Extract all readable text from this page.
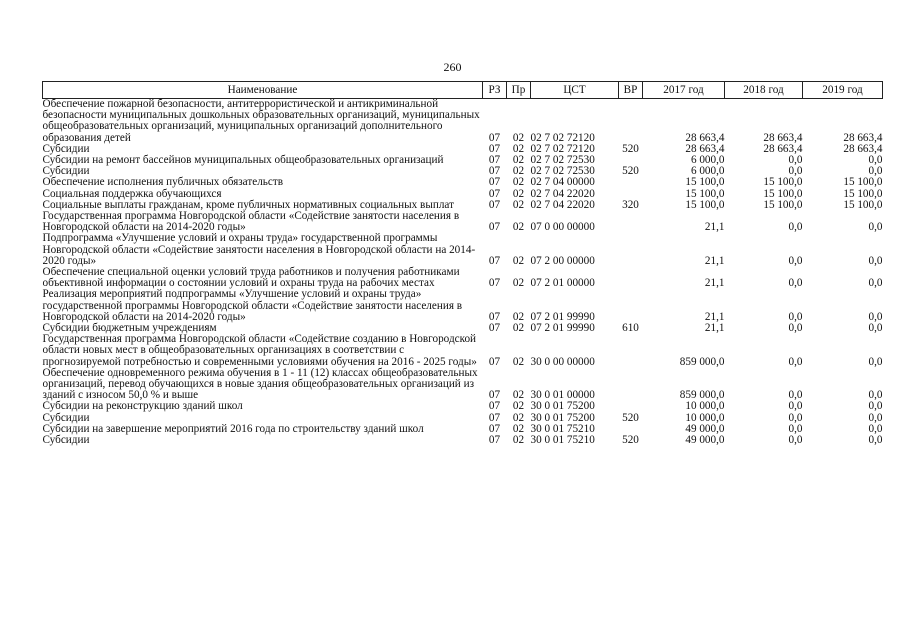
260
Наименование	РЗ	Пр	ЦСТ	ВР	2017 год	2018 год	2019 год
Обеспечение пожарной безопасности, антитеррористической и антикриминальной безопасности муниципальных дошкольных образовательных организаций, муниципальных общеобразовательных организаций, муниципальных организаций дополнительного образования детей	07	02	02 7 02 72120		28 663,4	28 663,4	28 663,4
Субсидии	07	02	02 7 02 72120	520	28 663,4	28 663,4	28 663,4
Субсидии на ремонт бассейнов муниципальных общеобразовательных организаций	07	02	02 7 02 72530		6 000,0	0,0	0,0
Субсидии	07	02	02 7 02 72530	520	6 000,0	0,0	0,0
Обеспечение исполнения публичных обязательств	07	02	02 7 04 00000		15 100,0	15 100,0	15 100,0
Социальная поддержка обучающихся	07	02	02 7 04 22020		15 100,0	15 100,0	15 100,0
Социальные выплаты гражданам, кроме публичных нормативных социальных выплат	07	02	02 7 04 22020	320	15 100,0	15 100,0	15 100,0
Государственная программа Новгородской области «Содействие занятости населения в Новгородской области на 2014-2020 годы»	07	02	07 0 00 00000		21,1	0,0	0,0
Подпрограмма «Улучшение условий и охраны труда» государственной программы Новгородской области «Содействие занятости населения в Новгородской области на 2014-2020 годы»	07	02	07 2 00 00000		21,1	0,0	0,0
Обеспечение специальной оценки условий труда работников и получения работниками объективной информации о состоянии условий и охраны труда на рабочих местах	07	02	07 2 01 00000		21,1	0,0	0,0
Реализация мероприятий подпрограммы «Улучшение условий и охраны труда» государственной программы Новгородской области «Содействие занятости населения в Новгородской области на 2014-2020 годы»	07	02	07 2 01 99990		21,1	0,0	0,0
Субсидии бюджетным учреждениям	07	02	07 2 01 99990	610	21,1	0,0	0,0
Государственная программа Новгородской области «Содействие созданию в Новгородской области новых мест в общеобразовательных организациях в соответствии с прогнозируемой потребностью и современными условиями обучения на 2016 - 2025 годы»	07	02	30 0 00 00000		859 000,0	0,0	0,0
Обеспечение одновременного режима обучения в 1 - 11 (12) классах общеобразовательных организаций, перевод обучающихся в новые здания общеобразовательных организаций из зданий с износом 50,0 % и выше	07	02	30 0 01 00000		859 000,0	0,0	0,0
Субсидии на реконструкцию зданий школ	07	02	30 0 01 75200		10 000,0	0,0	0,0
Субсидии	07	02	30 0 01 75200	520	10 000,0	0,0	0,0
Субсидии на завершение мероприятий 2016 года по строительству зданий школ	07	02	30 0 01 75210		49 000,0	0,0	0,0
Субсидии	07	02	30 0 01 75210	520	49 000,0	0,0	0,0
